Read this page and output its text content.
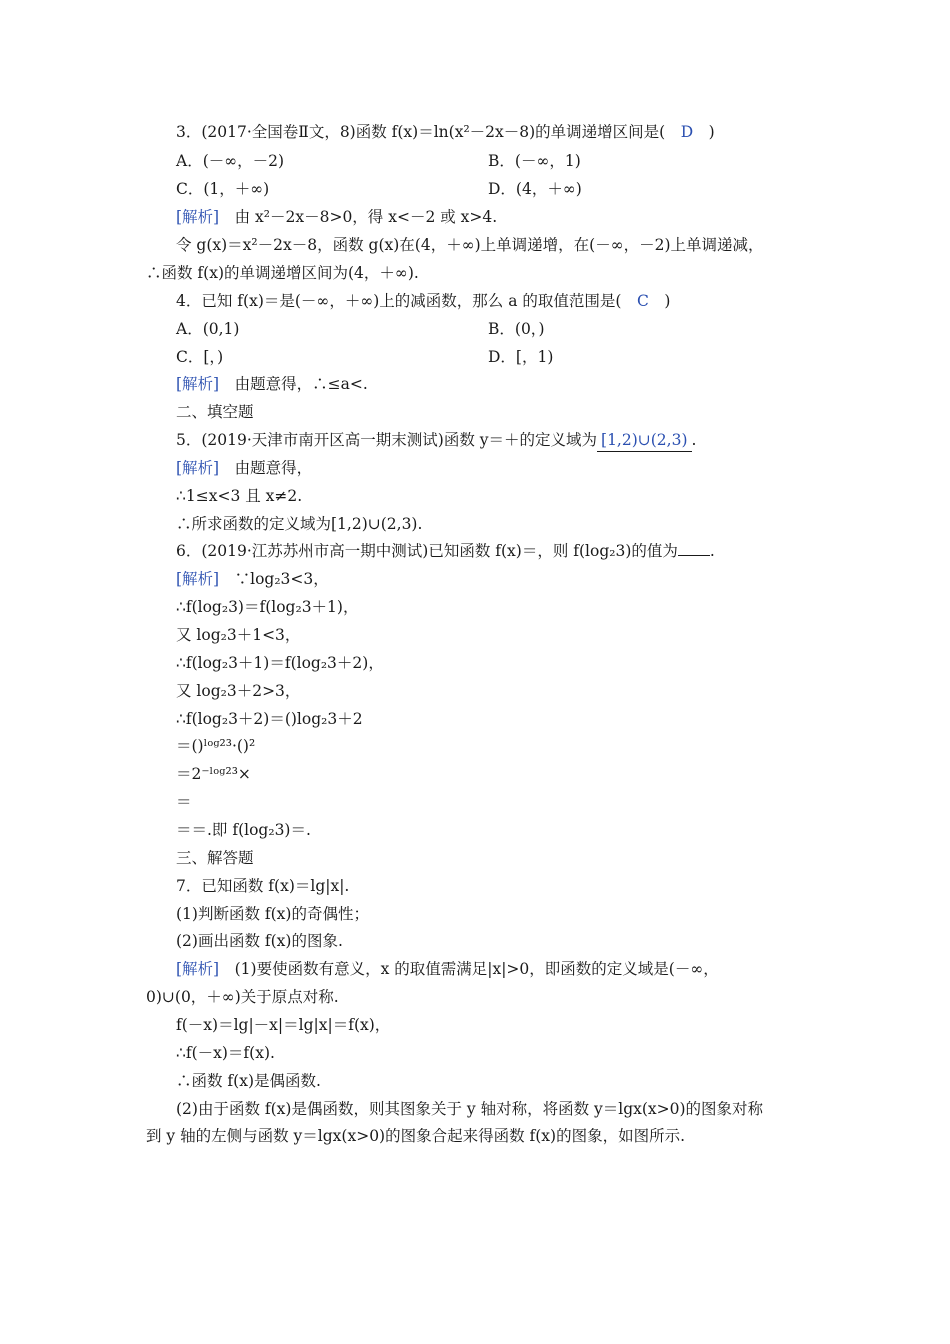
3．(2017·全国卷Ⅱ文，8)函数 f(x)＝ln(x²－2x－8)的单调递增区间是(　D　)
A．(－∞，－2)	B．(－∞，1)
C．(1，＋∞)	D．(4，＋∞)
[解析]　由 x²－2x－8>0，得 x<－2 或 x>4.
令 g(x)＝x²－2x－8，函数 g(x)在(4，＋∞)上单调递增，在(－∞，－2)上单调递减，
∴函数 f(x)的单调递增区间为(4，＋∞).
4．已知 f(x)＝是(－∞，＋∞)上的减函数，那么 a 的取值范围是(　C　)
A．(0,1)	B．(0，)
C．[，)	D．[，1)
[解析]　由题意得，∴≤a<.
二、填空题
5．(2019·天津市南开区高一期末测试)函数 y＝＋的定义域为 [1,2)∪(2,3) .
[解析]　由题意得，
∴1≤x<3 且 x≠2.
∴所求函数的定义域为[1,2)∪(2,3).
6．(2019·江苏苏州市高一期中测试)已知函数 f(x)＝，则 f(log₂3)的值为 .
[解析]　∵log₂3<3，
∴f(log₂3)＝f(log₂3＋1)，
又 log₂3＋1<3，
∴f(log₂3＋1)＝f(log₂3＋2)，
又 log₂3＋2>3，
∴f(log₂3＋2)＝()log₂3＋2
＝()ˡᵒᵍ²³·()²
＝2⁻ˡᵒᵍ²³×
＝
＝＝.即 f(log₂3)＝.
三、解答题
7．已知函数 f(x)＝lg|x|.
(1)判断函数 f(x)的奇偶性；
(2)画出函数 f(x)的图象.
[解析]　(1)要使函数有意义，x 的取值需满足|x|>0，即函数的定义域是(－∞，
0)∪(0，＋∞)关于原点对称.
f(－x)＝lg|－x|＝lg|x|＝f(x)，
∴f(－x)＝f(x).
∴函数 f(x)是偶函数.
(2)由于函数 f(x)是偶函数，则其图象关于 y 轴对称，将函数 y＝lgx(x>0)的图象对称
到 y 轴的左侧与函数 y＝lgx(x>0)的图象合起来得函数 f(x)的图象，如图所示.
